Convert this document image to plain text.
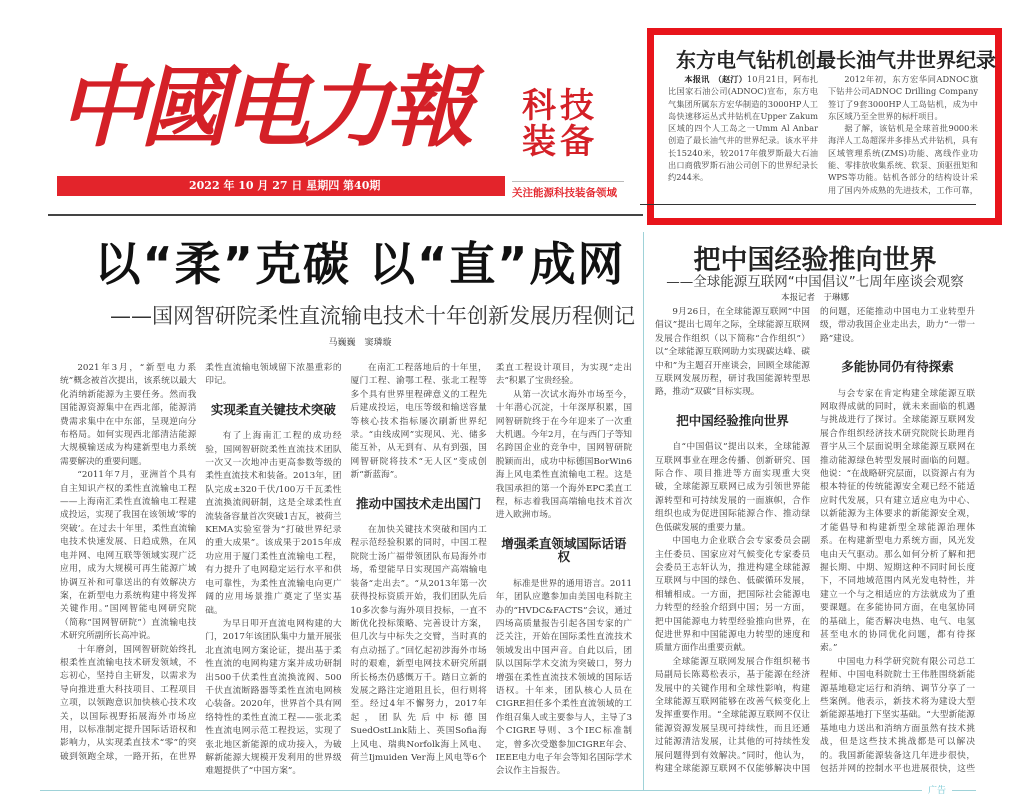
中國电力報 科技装备
2022 年 10 月 27 日 星期四 第40期
关注能源科技装备领域
东方电气钻机创最长油气井世界纪录

本报讯　（赵汀）10月21日，阿布扎比国家石油公司(ADNOC)宣布，东方电气集团所属东方宏华制造的3000HP人工岛快速移运丛式井钻机在Upper Zakum区域的四个人工岛之一Umm Al Anbar创造了最长油气井的世界纪录。该水平井长15240米，较2017年俄罗斯最大石油出口商俄罗斯石油公司创下的世界纪录长约244米。

2012年初，东方宏华同ADNOC旗下钻井公司ADNOC Drilling Company签订了9套3000HP人工岛钻机，成为中东区域乃至全世界的标杆项目。

据了解，该钻机是全球首批9000米海洋人工岛超深井多排丛式井钻机，具有区域管理系统(ZMS)功能、离线作业功能、零排放收集系统、软泵、顶驱扭矩和WPS等功能。钻机各部分的结构设计采用了国内外成熟的先进技术，工作可靠，

以“柔”克碳 以“直”成网
——国网智研院柔性直流输电技术十年创新发展历程侧记
马巍巍　窦璘璇

2021年3月，“新型电力系统”概念被首次提出，该系统以最大化消纳新能源为主要任务。然而我国能源资源集中在西北部，能源消费需求集中在中东部，呈现逆向分布格局。如何实现西北部清洁能源大规模输送成为构建新型电力系统需要解决的重要问题。

“2011年7月，亚洲首个具有自主知识产权的柔性直流输电工程——上海南汇柔性直流输电工程建成投运，实现了我国在该领域‘零的突破’。在过去十年里，柔性直流输电技术快速发展、日趋成熟，在风电并网、电网互联等领域实现广泛应用，成为大规模可再生能源广域协调互补和可靠送出的有效解决方案，在新型电力系统构建中将发挥关键作用。”国网智能电网研究院（简称“国网智研院”）直流输电技术研究所副所长高冲说。

十年磨剑，国网智研院始终扎根柔性直流输电技术研发领域，不忘初心，坚持自主研发，以需求为导向推进重大科技项目、工程项目立项，以领跑意识加快核心技术攻关，以国际视野拓展海外市场应用，以标准制定提升国际话语权和影响力，从实现柔直技术“零”的突破到领跑全球，一路开拓，在世界柔性直流输电领域留下浓墨重彩的印记。

实现柔直关键技术突破

有了上海南汇工程的成功经验，国网智研院柔性直流技术团队一次又一次地冲击更高参数等级的柔性直流技术和装备。2013年，团队完成±320千伏/100万千瓦柔性直流换流阀研制，这是全球柔性直流装备容量首次突破1吉瓦，被荷兰KEMA实验室誉为“打破世界纪录的重大成果”。该成果于2015年成功应用于厦门柔性直流输电工程，有力提升了电网稳定运行水平和供电可靠性，为柔性直流输电向更广阔的应用场景推广奠定了坚实基础。

为早日叩开直流电网构建的大门，2017年该团队集中力量开展张北直流电网方案论证，提出基于柔性直流的电网构建方案并成功研制出500千伏柔性直流换流阀、500千伏直流断路器等柔性直流电网核心装备。2020年，世界首个具有网络特性的柔性直流工程——张北柔性直流电网示范工程投运，实现了张北地区新能源的成功接入，为破解新能源大规模开发利用的世界级难题提供了“中国方案”。

在南汇工程落地后的十年里，厦门工程、渝鄂工程、张北工程等多个具有世界里程碑意义的工程先后建成投运，电压等级和输送容量等核心技术指标屡次刷新世界纪录。“由线成网”实现风、光、储多能互补，从无到有、从有到强，国网智研院将技术“无人区”变成创新“新蓝海”。

推动中国技术走出国门

在加快关键技术突破和国内工程示范经验积累的同时，中国工程院院士汤广福带领团队布局海外市场，希望能早日实现国产高端输电装备“走出去”。“从2013年第一次获得投标资质开始，我们团队先后10多次参与海外项目投标，一直不断优化投标策略、完善设计方案，但几次与中标失之交臂，当时真的有点动摇了。”回忆起初涉海外市场时的艰难，新型电网技术研究所副所长杨杰仍感慨万千。踏日立新的发展之路注定道阻且长，但行则将至。经过4年不懈努力，2017年起，团队先后中标德国SuedOstLink陆上、英国Sofia海上风电、瑞典Norfolk海上风电、荷兰Ijmuiden Ver海上风电等6个柔直工程设计项目，为实现“走出去”积累了宝贵经验。

从第一次试水海外市场至今，十年潜心沉淀，十年深厚积累，国网智研院终于在今年迎来了一次重大机遇。今年2月，在与西门子等知名跨国企业的竞争中，国网智研院脱颖而出，成功中标德国BorWin6海上风电柔性直流输电工程。这是我国承担的第一个海外EPC柔直工程，标志着我国高端输电技术首次进入欧洲市场。

增强柔直领域国际话语权

标准是世界的通用语言。2011年，团队应邀参加由美国电科院主办的“HVDC&FACTS”会议，通过四场高质量报告引起各国专家的广泛关注，开始在国际柔性直流技术领域发出中国声音。自此以后，团队以国际学术交流为突破口，努力增强在柔性直流技术领域的国际话语权。十年来，团队核心人员在CIGRE担任多个柔性直流领域的工作组召集人或主要参与人，主导了3个CIGRE导则、3个IEC标准制定，曾多次受邀参加CIGRE年会、IEEE电力电子年会等知名国际学术会议作主旨报告。

把中国经验推向世界
——全球能源互联网“中国倡议”七周年座谈会观察
本报记者　于琳娜

9月26日，在全球能源互联网“中国倡议”提出七周年之际，全球能源互联网发展合作组织（以下简称“合作组织”）以“全球能源互联网助力实现碳达峰、碳中和”为主题召开座谈会，回顾全球能源互联网发展历程，研讨我国能源转型思路，推动“双碳”目标实现。

把中国经验推向世界

自“中国倡议”提出以来，全球能源互联网事业在理念传播、创新研究、国际合作、项目推进等方面实现重大突破，全球能源互联网已成为引领世界能源转型和可持续发展的一面旗帜，合作组织也成为促进国际能源合作、推动绿色低碳发展的重要力量。

中国电力企业联合会专家委员会副主任委员、国家应对气候变化专家委员会委员王志轩认为，推进构建全球能源互联网与中国的绿色、低碳循环发展，相辅相成。一方面，把国际社会能源电力转型的经验介绍到中国；另一方面，把中国能源电力转型经验推向世界，在促进世界和中国能源电力转型的速度和质量方面作出重要贡献。

全球能源互联网发展合作组织秘书局副局长陈葛松表示，基于能源在经济发展中的关键作用和全球性影响，构建全球能源互联网能够在改善气候变化上发挥重要作用。“全球能源互联网不仅让能源资源发展呈现可持续性，而且还通过能源清洁发展，让其他的可持续性发展问题得到有效解决。”同时，他认为，构建全球能源互联网不仅能够解决中国的问题，还能推动中国电力工业转型升级，带动我国企业走出去，助力“一带一路”建设。

多能协同仍有待探索

与会专家在肯定构建全球能源互联网取得成就的同时，就未来面临的机遇与挑战进行了探讨。全球能源互联网发展合作组织经济技术研究院院长助理肖晋宇从三个层面说明全球能源互联网在推动能源绿色转型发展时面临的问题。他说：“在战略研究层面，以资源占有为根本特征的传统能源安全观已经不能适应时代发展，只有建立适应电为中心、以新能源为主体要求的新能源安全观，才能倡导和构建新型全球能源治理体系。在构建新型电力系统方面，风光发电由天气驱动。那么如何分析了解和把握长期、中期、短期这种不同时间长度下，不同地域范围内风光发电特性，并建立一个与之相适应的方法就成为了重要课题。在多能协同方面，在电氢协同的基础上，能否解决电热、电气、电氢甚至电水的协同优化问题，都有待探索。”

中国电力科学研究院有限公司总工程师、中国电科院院士王伟胜围绕新能源基地稳定运行和消纳、调节分享了一些案例。他表示，新技术将为建设大型新能源基地打下坚实基础。“大型新能源基地电力送出和消纳方面虽然有技术挑战，但是这些技术挑战都是可以解决的。我国新能源装备这几年进步很快，包括并网的控制水平也进展很快，这些

广告
